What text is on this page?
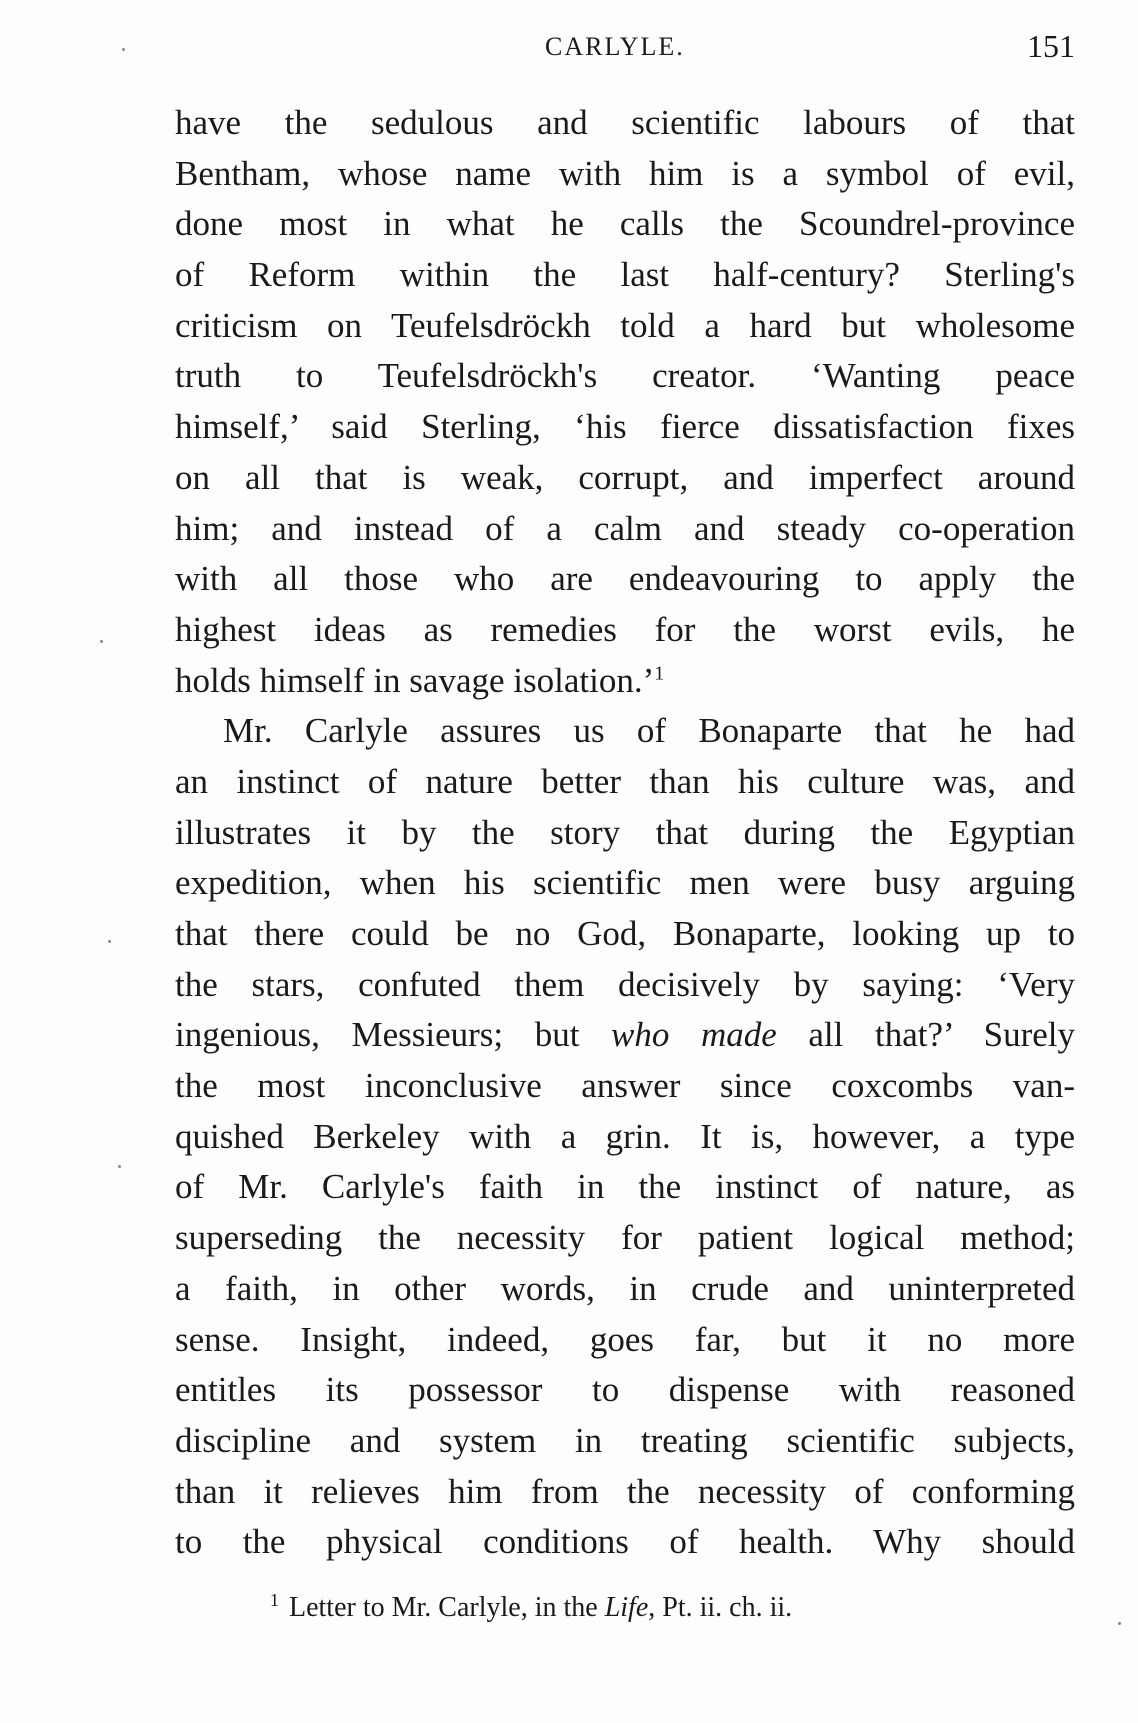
CARLYLE.	151
have the sedulous and scientific labours of that
Bentham, whose name with him is a symbol of evil,
done most in what he calls the Scoundrel-province
of Reform within the last half-century? Sterling's
criticism on Teufelsdröckh told a hard but wholesome
truth to Teufelsdröckh's creator. ‘Wanting peace
himself,’ said Sterling, ‘his fierce dissatisfaction fixes
on all that is weak, corrupt, and imperfect around
him; and instead of a calm and steady co-operation
with all those who are endeavouring to apply the
highest ideas as remedies for the worst evils, he
holds himself in savage isolation.’$^1$
Mr. Carlyle assures us of Bonaparte that he had
an instinct of nature better than his culture was, and
illustrates it by the story that during the Egyptian
expedition, when his scientific men were busy arguing
that there could be no God, Bonaparte, looking up to
the stars, confuted them decisively by saying: ‘Very
ingenious, Messieurs; but who made all that?’ Surely
the most inconclusive answer since coxcombs van-
quished Berkeley with a grin. It is, however, a type
of Mr. Carlyle's faith in the instinct of nature, as
superseding the necessity for patient logical method;
a faith, in other words, in crude and uninterpreted
sense. Insight, indeed, goes far, but it no more
entitles its possessor to dispense with reasoned
discipline and system in treating scientific subjects,
than it relieves him from the necessity of conforming
to the physical conditions of health. Why should
$^1$ Letter to Mr. Carlyle, in the Life, Pt. ii. ch. ii.
